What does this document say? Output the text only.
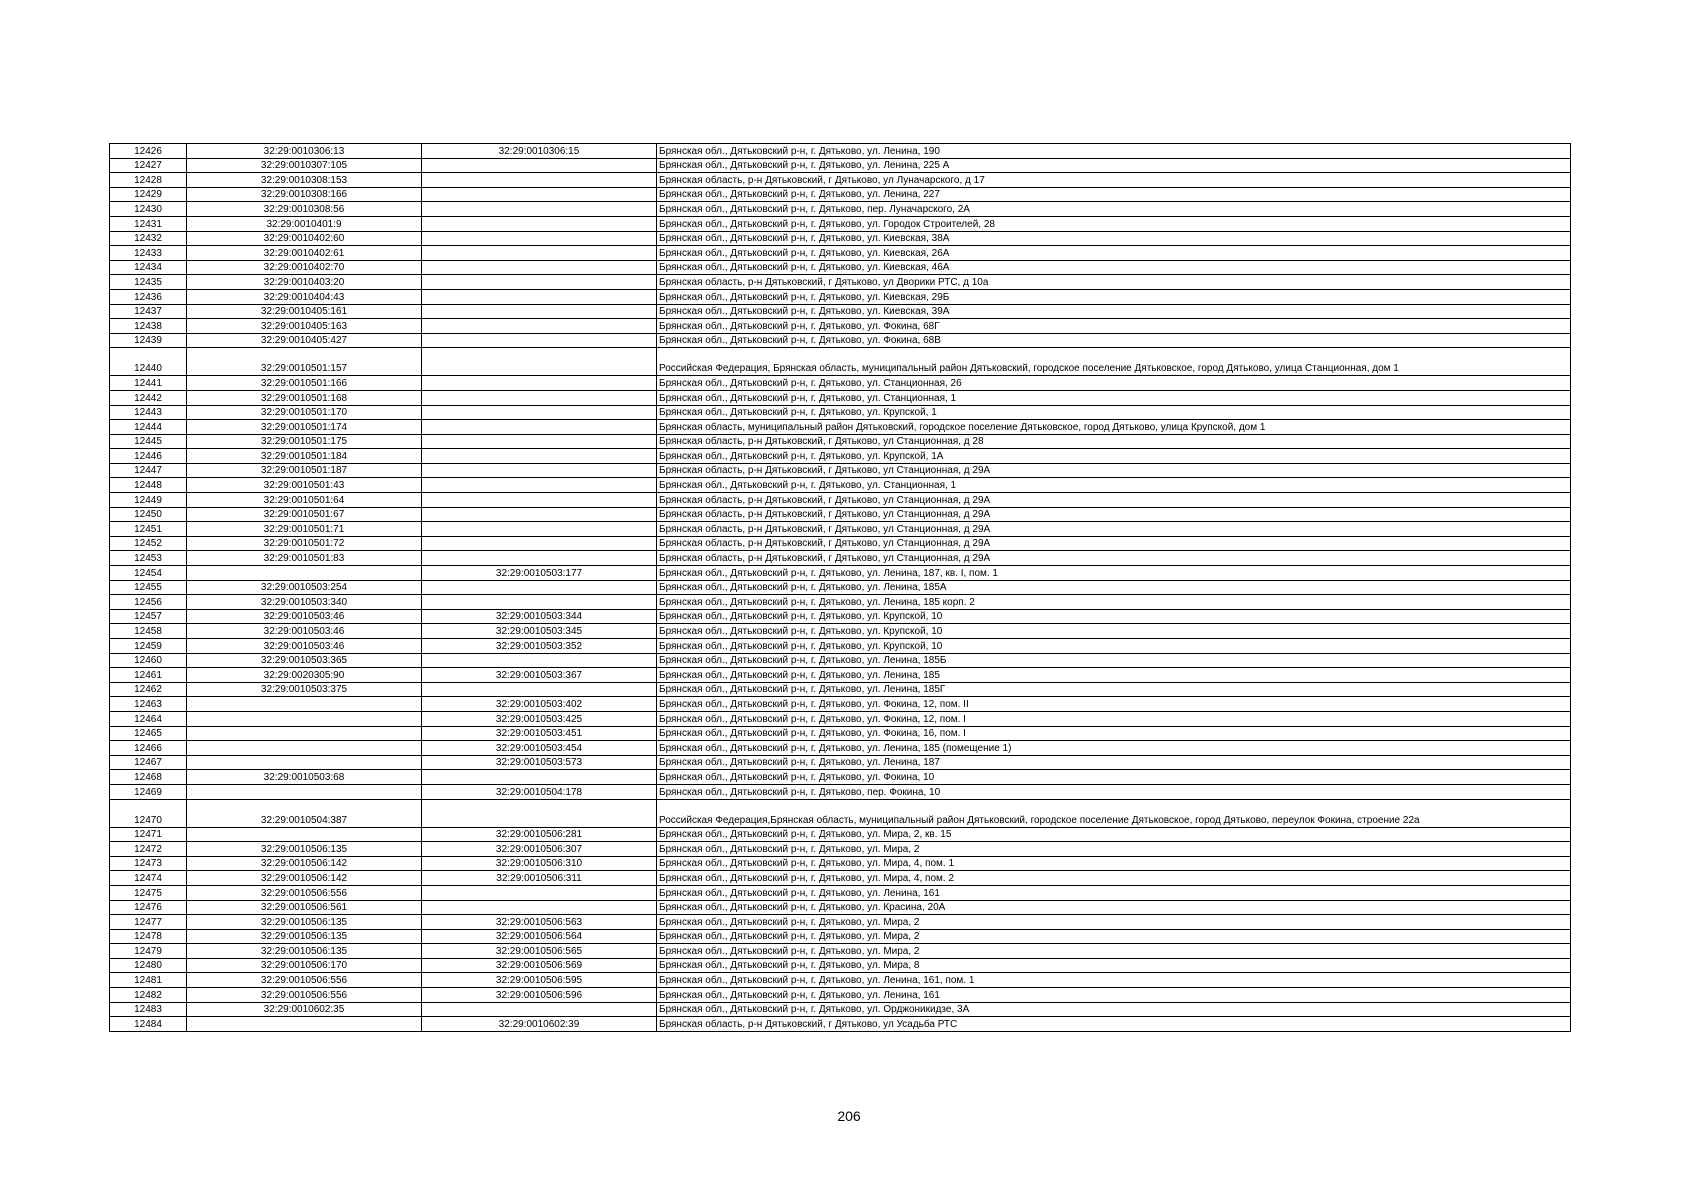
12426	32:29:0010306:13	32:29:0010306:15	Брянская обл., Дятьковский р-н, г. Дятьково, ул. Ленина, 190
12427	32:29:0010307:105		Брянская обл., Дятьковский р-н, г. Дятьково, ул. Ленина, 225 А
12428	32:29:0010308:153		Брянская область, р-н Дятьковский, г Дятьково, ул Луначарского, д 17
12429	32:29:0010308:166		Брянская обл., Дятьковский р-н, г. Дятьково, ул. Ленина, 227
12430	32:29:0010308:56		Брянская обл., Дятьковский р-н, г. Дятьково, пер. Луначарского, 2А
12431	32:29:0010401:9		Брянская обл., Дятьковский р-н, г. Дятьково, ул. Городок Строителей, 28
12432	32:29:0010402:60		Брянская обл., Дятьковский р-н, г. Дятьково, ул. Киевская, 38А
12433	32:29:0010402:61		Брянская обл., Дятьковский р-н, г. Дятьково, ул. Киевская, 26А
12434	32:29:0010402:70		Брянская обл., Дятьковский р-н, г. Дятьково, ул. Киевская, 46А
12435	32:29:0010403:20		Брянская область, р-н Дятьковский, г Дятьково, ул Дворики РТС, д 10а
12436	32:29:0010404:43		Брянская обл., Дятьковский р-н, г. Дятьково, ул. Киевская, 29Б
12437	32:29:0010405:161		Брянская обл., Дятьковский р-н, г. Дятьково, ул. Киевская, 39А
12438	32:29:0010405:163		Брянская обл., Дятьковский р-н, г. Дятьково, ул. Фокина, 68Г
12439	32:29:0010405:427		Брянская обл., Дятьковский р-н, г. Дятьково, ул. Фокина, 68В
12440	32:29:0010501:157		Российская Федерация, Брянская область, муниципальный район Дятьковский, городское поселение Дятьковское, город Дятьково, улица Станционная, дом 1
12441	32:29:0010501:166		Брянская обл., Дятьковский р-н, г. Дятьково, ул. Станционная, 26
12442	32:29:0010501:168		Брянская обл., Дятьковский р-н, г. Дятьково, ул. Станционная, 1
12443	32:29:0010501:170		Брянская обл., Дятьковский р-н, г. Дятьково, ул. Крупской, 1
12444	32:29:0010501:174		Брянская область, муниципальный район Дятьковский, городское поселение Дятьковское, город Дятьково, улица Крупской, дом 1
12445	32:29:0010501:175		Брянская область, р-н Дятьковский, г Дятьково, ул Станционная, д 28
12446	32:29:0010501:184		Брянская обл., Дятьковский р-н, г. Дятьково, ул. Крупской, 1А
12447	32:29:0010501:187		Брянская область, р-н Дятьковский, г Дятьково, ул Станционная, д 29А
12448	32:29:0010501:43		Брянская обл., Дятьковский р-н, г. Дятьково, ул. Станционная, 1
12449	32:29:0010501:64		Брянская область, р-н Дятьковский, г Дятьково, ул Станционная, д 29А
12450	32:29:0010501:67		Брянская область, р-н Дятьковский, г Дятьково, ул Станционная, д 29А
12451	32:29:0010501:71		Брянская область, р-н Дятьковский, г Дятьково, ул Станционная, д 29А
12452	32:29:0010501:72		Брянская область, р-н Дятьковский, г Дятьково, ул Станционная, д 29А
12453	32:29:0010501:83		Брянская область, р-н Дятьковский, г Дятьково, ул Станционная, д 29А
12454		32:29:0010503:177	Брянская обл., Дятьковский р-н, г. Дятьково, ул. Ленина, 187, кв. I, пом. 1
12455	32:29:0010503:254		Брянская обл., Дятьковский р-н, г. Дятьково, ул. Ленина, 185А
12456	32:29:0010503:340		Брянская обл., Дятьковский р-н, г. Дятьково, ул. Ленина, 185 корп. 2
12457	32:29:0010503:46	32:29:0010503:344	Брянская обл., Дятьковский р-н, г. Дятьково, ул. Крупской, 10
12458	32:29:0010503:46	32:29:0010503:345	Брянская обл., Дятьковский р-н, г. Дятьково, ул. Крупской, 10
12459	32:29:0010503:46	32:29:0010503:352	Брянская обл., Дятьковский р-н, г. Дятьково, ул. Крупской, 10
12460	32:29:0010503:365		Брянская обл., Дятьковский р-н, г. Дятьково, ул. Ленина, 185Б
12461	32:29:0020305:90	32:29:0010503:367	Брянская обл., Дятьковский р-н, г. Дятьково, ул. Ленина, 185
12462	32:29:0010503:375		Брянская обл., Дятьковский р-н, г. Дятьково, ул. Ленина, 185Г
12463		32:29:0010503:402	Брянская обл., Дятьковский р-н, г. Дятьково, ул. Фокина, 12, пом. II
12464		32:29:0010503:425	Брянская обл., Дятьковский р-н, г. Дятьково, ул. Фокина, 12, пом. I
12465		32:29:0010503:451	Брянская обл., Дятьковский р-н, г. Дятьково, ул. Фокина, 16, пом. I
12466		32:29:0010503:454	Брянская обл., Дятьковский р-н, г. Дятьково, ул. Ленина, 185 (помещение 1)
12467		32:29:0010503:573	Брянская обл., Дятьковский р-н, г. Дятьково, ул. Ленина, 187
12468	32:29:0010503:68		Брянская обл., Дятьковский р-н, г. Дятьково, ул. Фокина, 10
12469		32:29:0010504:178	Брянская обл., Дятьковский р-н, г. Дятьково, пер. Фокина, 10
12470	32:29:0010504:387		Российская Федерация,Брянская область, муниципальный район Дятьковский, городское поселение Дятьковское, город Дятьково, переулок Фокина, строение 22а
12471		32:29:0010506:281	Брянская обл., Дятьковский р-н, г. Дятьково, ул. Мира, 2, кв. 15
12472	32:29:0010506:135	32:29:0010506:307	Брянская обл., Дятьковский р-н, г. Дятьково, ул. Мира, 2
12473	32:29:0010506:142	32:29:0010506:310	Брянская обл., Дятьковский р-н, г. Дятьково, ул. Мира, 4, пом. 1
12474	32:29:0010506:142	32:29:0010506:311	Брянская обл., Дятьковский р-н, г. Дятьково, ул. Мира, 4, пом. 2
12475	32:29:0010506:556		Брянская обл., Дятьковский р-н, г. Дятьково, ул. Ленина, 161
12476	32:29:0010506:561		Брянская обл., Дятьковский р-н, г. Дятьково, ул. Красина, 20А
12477	32:29:0010506:135	32:29:0010506:563	Брянская обл., Дятьковский р-н, г. Дятьково, ул. Мира, 2
12478	32:29:0010506:135	32:29:0010506:564	Брянская обл., Дятьковский р-н, г. Дятьково, ул. Мира, 2
12479	32:29:0010506:135	32:29:0010506:565	Брянская обл., Дятьковский р-н, г. Дятьково, ул. Мира, 2
12480	32:29:0010506:170	32:29:0010506:569	Брянская обл., Дятьковский р-н, г. Дятьково, ул. Мира, 8
12481	32:29:0010506:556	32:29:0010506:595	Брянская обл., Дятьковский р-н, г. Дятьково, ул. Ленина, 161, пом. 1
12482	32:29:0010506:556	32:29:0010506:596	Брянская обл., Дятьковский р-н, г. Дятьково, ул. Ленина, 161
12483	32:29:0010602:35		Брянская обл., Дятьковский р-н, г. Дятьково, ул. Орджоникидзе, 3А
12484		32:29:0010602:39	Брянская область, р-н Дятьковский, г Дятьково, ул Усадьба РТС
206
